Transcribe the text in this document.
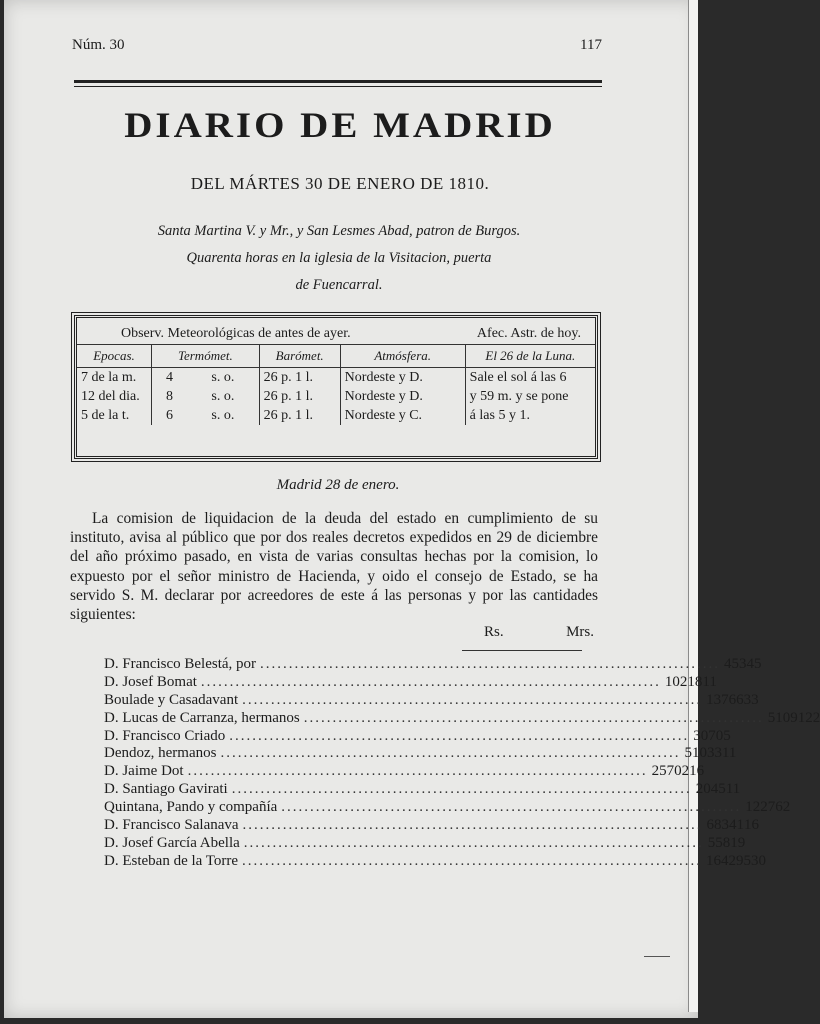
Núm. 30	117
DIARIO DE MADRID
DEL MÁRTES 30 DE ENERO DE 1810.
Santa Martina V. y Mr., y San Lesmes Abad, patron de Burgos.
Quarenta horas en la iglesia de la Visitacion, puerta
de Fuencarral.
Observ. Meteorológicas de antes de ayer.	Afec. Astr. de hoy.
Epocas.	Termómet.		Barómet.	Atmósfera.	El 26 de la Luna.
7 de la m.	4	s. o.	26 p. 1 l.	Nordeste y D.	Sale el sol á las 6
12 del dia.	8	s. o.	26 p. 1 l.	Nordeste y D.	y 59 m. y se pone
5 de la t.	6	s. o.	26 p. 1 l.	Nordeste y C.	á las 5 y 1.
Madrid 28 de enero.
La comision de liquidacion de la deuda del estado en cumplimiento de su instituto, avisa al público que por dos reales decretos expedidos en 29 de diciembre del año próximo pasado, en vista de varias consultas hechas por la comision, lo expuesto por el señor ministro de Hacienda, y oido el consejo de Estado, se ha servido S. M. declarar por acreedores de este á las personas y por las cantidades siguientes:
Rs.	Mrs.
D. Francisco Belestá, por ................................................................................ 45345
D. Josef Bomat ................................................................................ 10218 11
Boulade y Casadavant ................................................................................ 13766 33
D. Lucas de Carranza, hermanos ................................................................................ 51091 22
D. Francisco Criado ................................................................................ 30705
Dendoz, hermanos ................................................................................ 51033 11
D. Jaime Dot ................................................................................ 25702 16
D. Santiago Gavirati ................................................................................ 2045 11
Quintana, Pando y compañía ................................................................................ 122762
D. Francisco Salanava ................................................................................ 68341 16
D. Josef García Abella ................................................................................ 558 19
D. Esteban de la Torre ................................................................................ 164295 30
